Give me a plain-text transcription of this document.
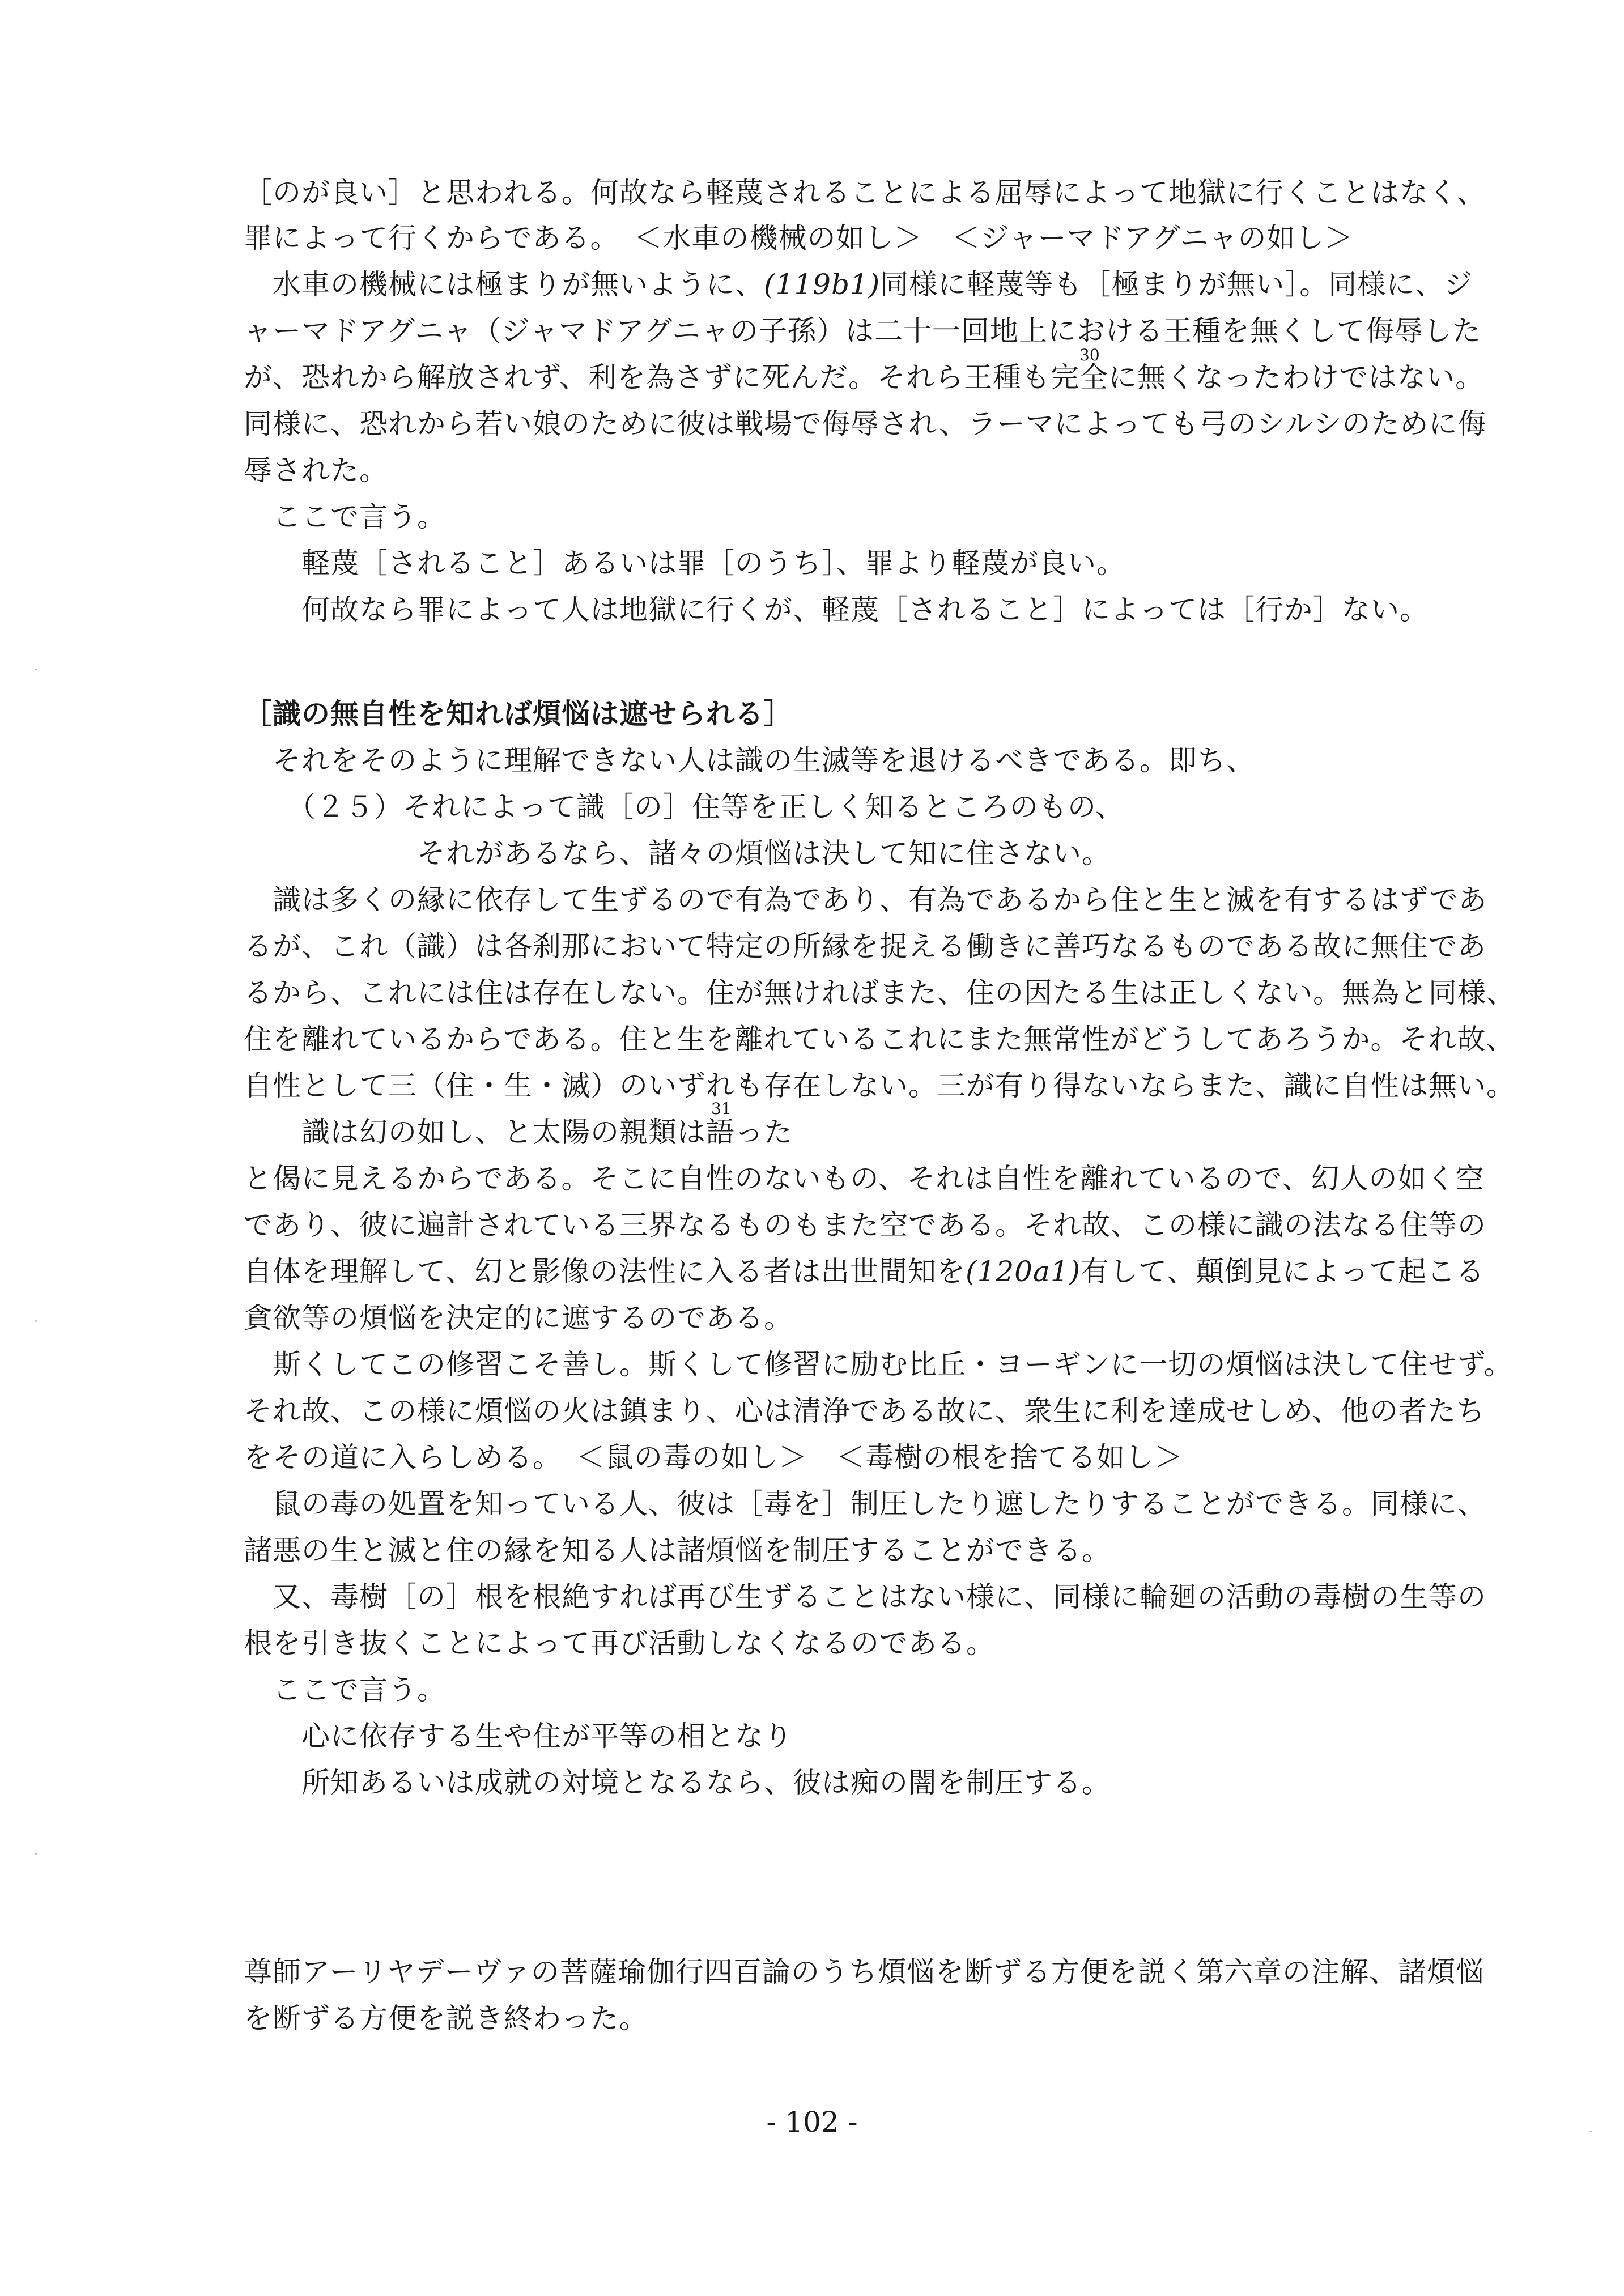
［のが良い］と思われる。何故なら軽蔑されることによる屈辱によって地獄に行くことはなく、
罪によって行くからである。　＜水車の機械の如し＞　＜ジャーマドアグニャの如し＞
　水車の機械には極まりが無いように、(119b1)同様に軽蔑等も［極まりが無い］。同様に、ジ
ャーマドアグニャ（ジャマドアグニャの子孫）は二十一回地上における王種を無くして侮辱した
30
が、恐れから解放されず、利を為さずに死んだ。それら王種も完全に無くなったわけではない。
同様に、恐れから若い娘のために彼は戦場で侮辱され、ラーマによっても弓のシルシのために侮
辱された。
　ここで言う。
　　軽蔑［されること］あるいは罪［のうち］、罪より軽蔑が良い。
　　何故なら罪によって人は地獄に行くが、軽蔑［されること］によっては［行か］ない。
［識の無自性を知れば煩悩は遮せられる］
　それをそのように理解できない人は識の生滅等を退けるべきである。即ち、
　　（２５）それによって識［の］住等を正しく知るところのもの、
　　　　　　それがあるなら、諸々の煩悩は決して知に住さない。
　識は多くの縁に依存して生ずるので有為であり、有為であるから住と生と滅を有するはずであ
るが、これ（識）は各刹那において特定の所縁を捉える働きに善巧なるものである故に無住であ
るから、これには住は存在しない。住が無ければまた、住の因たる生は正しくない。無為と同様、
住を離れているからである。住と生を離れているこれにまた無常性がどうしてあろうか。それ故、
自性として三（住・生・滅）のいずれも存在しない。三が有り得ないならまた、識に自性は無い。
31
　　識は幻の如し、と太陽の親類は語った
と偈に見えるからである。そこに自性のないもの、それは自性を離れているので、幻人の如く空
であり、彼に遍計されている三界なるものもまた空である。それ故、この様に識の法なる住等の
自体を理解して、幻と影像の法性に入る者は出世間知を(120a1)有して、顛倒見によって起こる
貪欲等の煩悩を決定的に遮するのである。
　斯くしてこの修習こそ善し。斯くして修習に励む比丘・ヨーギンに一切の煩悩は決して住せず。
それ故、この様に煩悩の火は鎮まり、心は清浄である故に、衆生に利を達成せしめ、他の者たち
をその道に入らしめる。　＜鼠の毒の如し＞　＜毒樹の根を捨てる如し＞
　鼠の毒の処置を知っている人、彼は［毒を］制圧したり遮したりすることができる。同様に、
諸悪の生と滅と住の縁を知る人は諸煩悩を制圧することができる。
　又、毒樹［の］根を根絶すれば再び生ずることはない様に、同様に輪廻の活動の毒樹の生等の
根を引き抜くことによって再び活動しなくなるのである。
　ここで言う。
　　心に依存する生や住が平等の相となり
　　所知あるいは成就の対境となるなら、彼は痴の闇を制圧する。
尊師アーリヤデーヴァの菩薩瑜伽行四百論のうち煩悩を断ずる方便を説く第六章の注解、諸煩悩
を断ずる方便を説き終わった。
- 102 -
